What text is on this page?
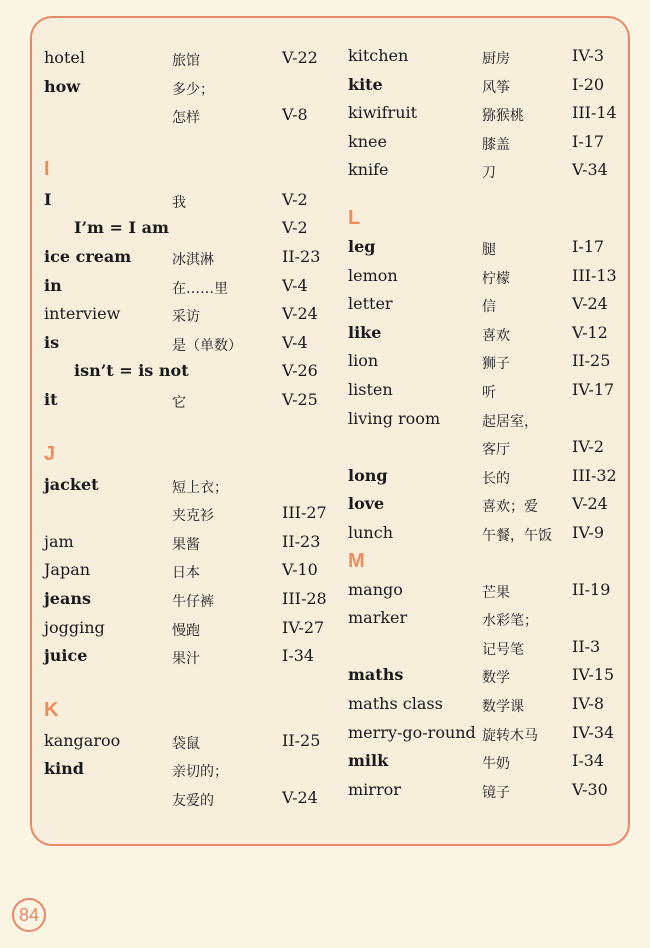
hotel	旅馆	V-22
how	多少；
怎样	V-8
I
I	我	V-2
I’m = I am	V-2
ice cream	冰淇淋	II-23
in	在……里	V-4
interview	采访	V-24
is	是（单数）	V-4
isn’t = is not	V-26
it	它	V-25
J
jacket	短上衣；
夹克衫	III-27
jam	果酱	II-23
Japan	日本	V-10
jeans	牛仔裤	III-28
jogging	慢跑	IV-27
juice	果汁	I-34
K
kangaroo	袋鼠	II-25
kind	亲切的；
友爱的	V-24
kitchen	厨房	IV-3
kite	风筝	I-20
kiwifruit	猕猴桃	III-14
knee	膝盖	I-17
knife	刀	V-34
L
leg	腿	I-17
lemon	柠檬	III-13
letter	信	V-24
like	喜欢	V-12
lion	狮子	II-25
listen	听	IV-17
living room	起居室，
客厅	IV-2
long	长的	III-32
love	喜欢；爱 V-24
lunch	午餐，午饭 IV-9
M
mango	芒果	II-19
marker	水彩笔；
记号笔	II-3
maths	数学	IV-15
maths class	数学课	IV-8
merry-go-round 旋转木马 IV-34
milk	牛奶	I-34
mirror	镜子	V-30
84
